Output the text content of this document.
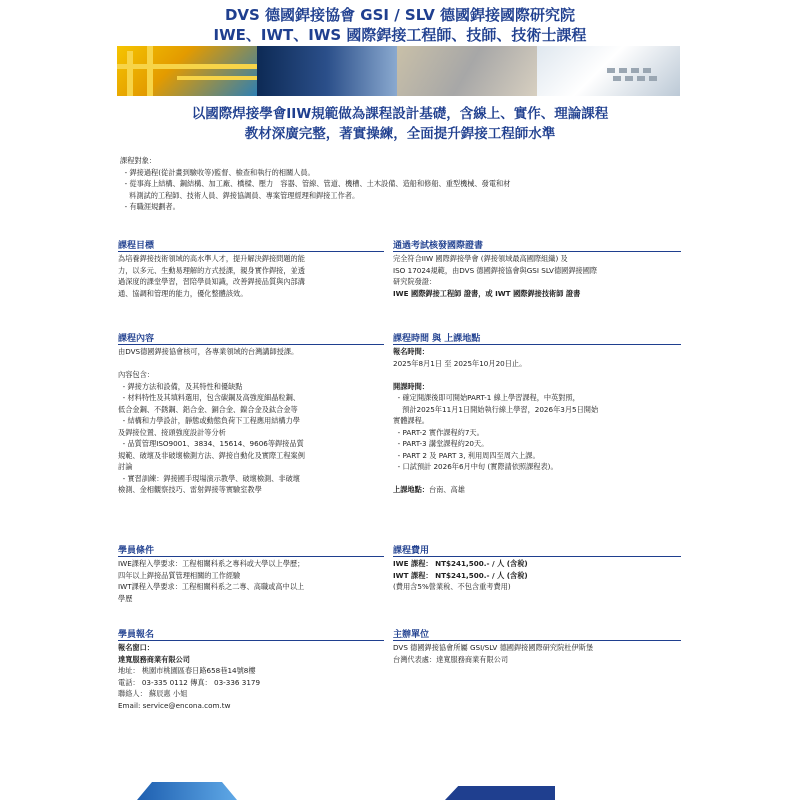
DVS 德國銲接協會 GSI / SLV 德國銲接國際研究院
IWE、IWT、IWS 國際銲接工程師、技師、技術士課程
以國際焊接學會IIW規範做為課程設計基礎，含線上、實作、理論課程
教材深廣完整，著實操練，全面提升銲接工程師水準
課程對象：
- 銲接過程(從計畫到驗收等)監督、檢查和執行的相關人員。
- 從事海上結構、鋼結構、加工廠、橋樑、壓力　容器、管線、管道、機槽、土木設備、造船和修船、重型機械、發電和材
料測試的工程師、技術人員、銲接協調員、專案管理經理和銲接工作者。
- 有職涯規劃者。
課程目標
為培養銲接技術領域的高水準人才，提升解決銲接問題的能
力，以多元、生動易理解的方式授課，親身實作銲接，並透
過深度的課堂學習，習陪學員知識，改善銲接品質與內部溝
通、協調和管理的能力，優化整體該效。
通過考試核發國際證書
完全符合IIW 國際銲接學會 (銲接領域最高國際組織) 及
ISO 17024規範，由DVS 德國銲接協會與GSI SLV德國銲接國際
研究院發證：
IWE 國際銲接工程師 證書，或 IWT 國際銲接技術師 證書
課程內容
由DVS德國銲接協會核可，各專業領域的台灣講師授課。
內容包含：
- 銲接方法和設備，及其特性和優缺點
- 材料特性及其填料選用，包含碳鋼及高強度細晶粒鋼、
低合金鋼、不銹鋼、鋁合金、銅合金、鎳合金及鈦合金等
- 結構和力學設計，靜態或動態負荷下工程應用結構力學
及銲接位置、接頭強度設計等分析
- 品質管理ISO9001、3834、15614、9606等銲接品質
規範、破壞及非破壞檢測方法、銲接自動化及實際工程案例
討論
- 實習訓練：銲接國手現場演示教學、破壞檢測、非破壞
檢測、金相觀察技巧、雷射銲接等實驗室教學
課程時間 與 上課地點
報名時間：
2025年8月1日 至 2025年10月20日止。
開課時間：
- 確定開課後即可開始PART-1 線上學習課程，中英對照，
預計2025年11月1日開始執行線上學習，2026年3月5日開始
實體課程。
- PART-2 實作課程約7天。
- PART-3 講堂課程約20天。
- PART 2 及 PART 3, 利用周四至周六上課。
- 口試預計 2026年6月中旬 (實際請依照課程表)。
上課地點：台南、高雄
學員條件
IWE課程入學要求：工程相關科系之專科或大學以上學歷；
四年以上銲接品質管理相關的工作經驗
IWT課程入學要求：工程相關科系之二專、高職或高中以上
學歷
課程費用
IWE 課程： NT$241,500.- / 人 (含稅)
IWT 課程： NT$241,500.- / 人 (含稅)
(費用含5%營業稅、不包含重考費用)
學員報名
報名窗口：
達寬服務商業有限公司
地址： 桃園市桃園區春日路658巷14號8樓
電話： 03-335 0112 傳真： 03-336 3179
聯絡人： 蘇辰惠 小姐
Email: service@encona.com.tw
主辦單位
DVS 德國銲接協會所屬 GSI/SLV 德國銲接國際研究院杜伊斯堡
台灣代表處：達寬服務商業有限公司
